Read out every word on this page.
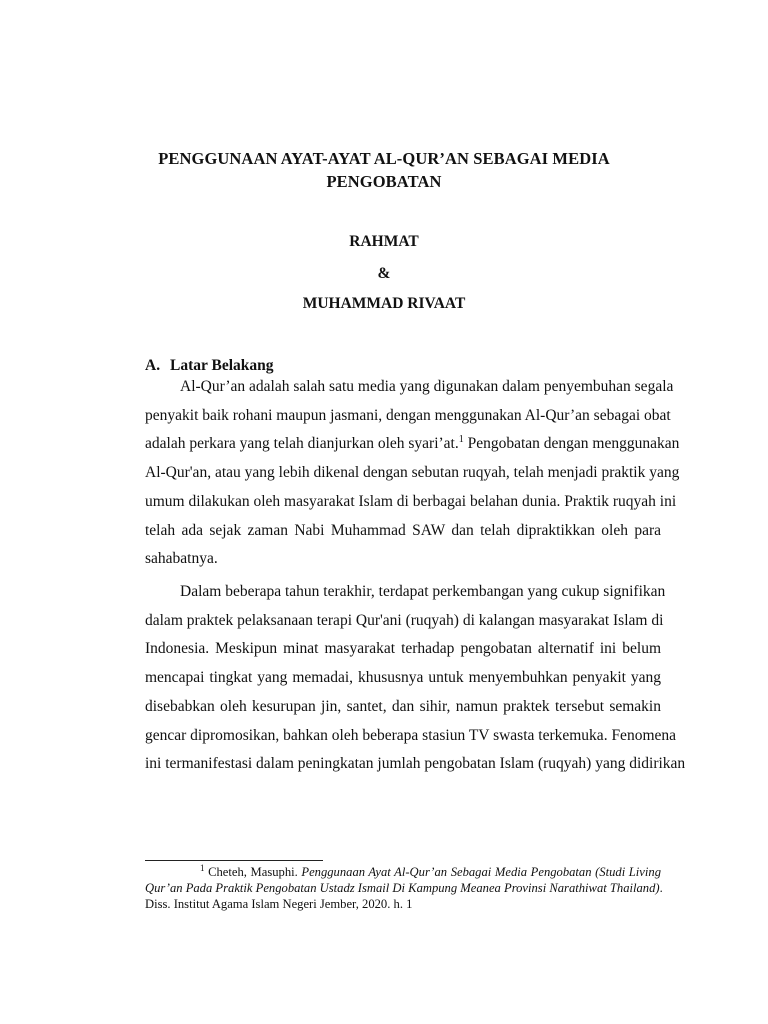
PENGGUNAAN AYAT-AYAT AL-QUR’AN SEBAGAI MEDIA
PENGOBATAN
RAHMAT
&
MUHAMMAD RIVAAT
A. Latar Belakang
Al-Qur’an adalah salah satu media yang digunakan dalam penyembuhan segala
penyakit baik rohani maupun jasmani, dengan menggunakan Al-Qur’an sebagai obat
adalah perkara yang telah dianjurkan oleh syari’at.$^1$ Pengobatan dengan menggunakan
Al-Qur'an, atau yang lebih dikenal dengan sebutan ruqyah, telah menjadi praktik yang
umum dilakukan oleh masyarakat Islam di berbagai belahan dunia. Praktik ruqyah ini
telah ada sejak zaman Nabi Muhammad SAW dan telah dipraktikkan oleh para
sahabatnya.
Dalam beberapa tahun terakhir, terdapat perkembangan yang cukup signifikan
dalam praktek pelaksanaan terapi Qur'ani (ruqyah) di kalangan masyarakat Islam di
Indonesia. Meskipun minat masyarakat terhadap pengobatan alternatif ini belum
mencapai tingkat yang memadai, khususnya untuk menyembuhkan penyakit yang
disebabkan oleh kesurupan jin, santet, dan sihir, namun praktek tersebut semakin
gencar dipromosikan, bahkan oleh beberapa stasiun TV swasta terkemuka. Fenomena
ini termanifestasi dalam peningkatan jumlah pengobatan Islam (ruqyah) yang didirikan
$^1$ Cheteh, Masuphi. Penggunaan Ayat Al-Qur’an Sebagai Media Pengobatan (Studi Living
Qur’an Pada Praktik Pengobatan Ustadz Ismail Di Kampung Meanea Provinsi Narathiwat Thailand).
Diss. Institut Agama Islam Negeri Jember, 2020. h. 1
